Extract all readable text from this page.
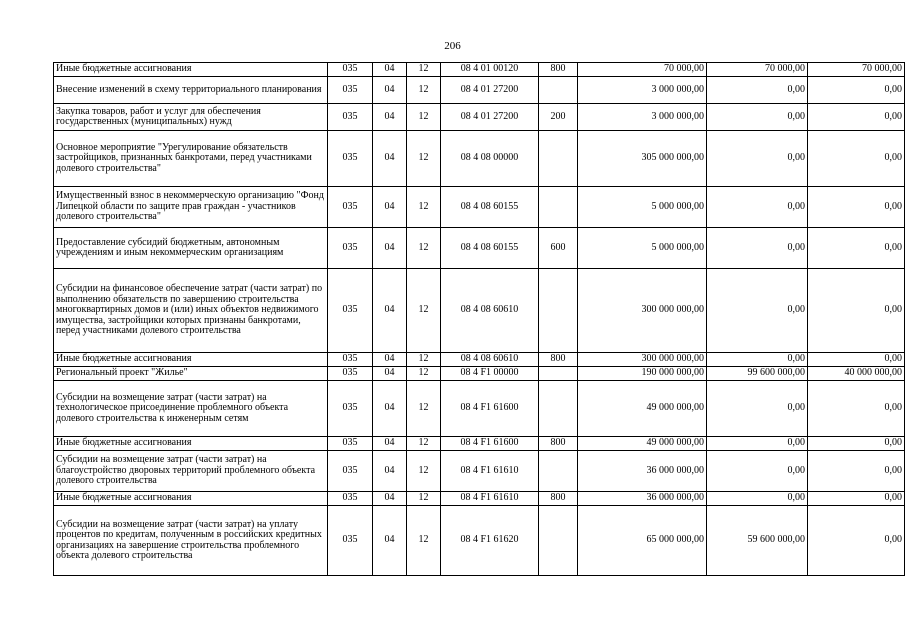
206
Иные бюджетные ассигнования	035	04	12	08 4 01 00120	800	70 000,00	70 000,00	70 000,00
Внесение изменений в схему территориального планирования	035	04	12	08 4 01 27200		3 000 000,00	0,00	0,00
Закупка товаров, работ и услуг для обеспечения государственных (муниципальных) нужд	035	04	12	08 4 01 27200	200	3 000 000,00	0,00	0,00
Основное мероприятие "Урегулирование обязательств застройщиков, признанных банкротами, перед участниками долевого строительства"	035	04	12	08 4 08 00000		305 000 000,00	0,00	0,00
Имущественный взнос в некоммерческую организацию "Фонд Липецкой области по защите прав граждан - участников долевого строительства"	035	04	12	08 4 08 60155		5 000 000,00	0,00	0,00
Предоставление субсидий бюджетным, автономным учреждениям и иным некоммерческим организациям	035	04	12	08 4 08 60155	600	5 000 000,00	0,00	0,00
Субсидии на финансовое обеспечение затрат (части затрат) по выполнению обязательств по завершению строительства многоквартирных домов и (или) иных объектов недвижимого имущества, застройщики которых признаны банкротами, перед участниками долевого строительства	035	04	12	08 4 08 60610		300 000 000,00	0,00	0,00
Иные бюджетные ассигнования	035	04	12	08 4 08 60610	800	300 000 000,00	0,00	0,00
Региональный проект "Жилье"	035	04	12	08 4 F1 00000		190 000 000,00	99 600 000,00	40 000 000,00
Субсидии на возмещение затрат (части затрат) на технологическое присоединение проблемного объекта долевого строительства к инженерным сетям	035	04	12	08 4 F1 61600		49 000 000,00	0,00	0,00
Иные бюджетные ассигнования	035	04	12	08 4 F1 61600	800	49 000 000,00	0,00	0,00
Субсидии на возмещение затрат (части затрат) на благоустройство дворовых территорий проблемного объекта долевого строительства	035	04	12	08 4 F1 61610		36 000 000,00	0,00	0,00
Иные бюджетные ассигнования	035	04	12	08 4 F1 61610	800	36 000 000,00	0,00	0,00
Субсидии на возмещение затрат (части затрат) на уплату процентов по кредитам, полученным в российских кредитных организациях на завершение строительства проблемного объекта долевого строительства	035	04	12	08 4 F1 61620		65 000 000,00	59 600 000,00	0,00
